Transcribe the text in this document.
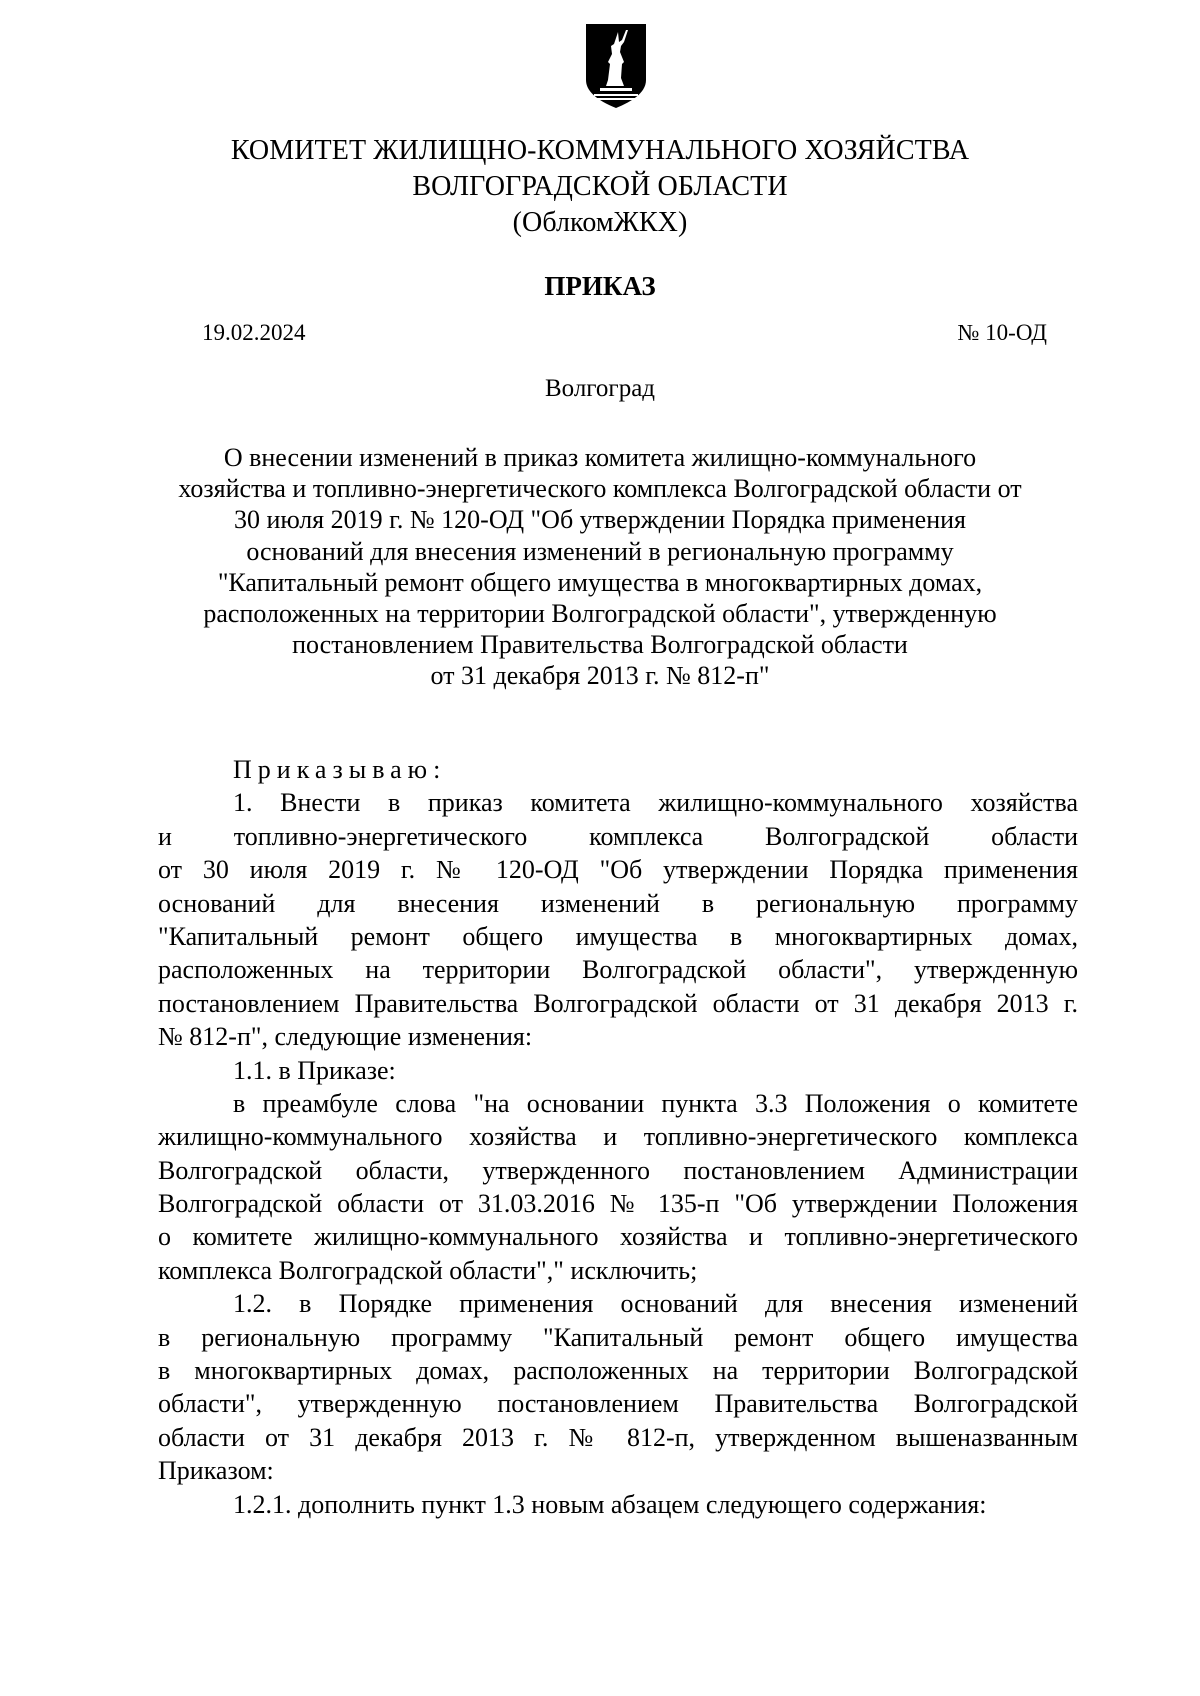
КОМИТЕТ ЖИЛИЩНО-КОММУНАЛЬНОГО ХОЗЯЙСТВА
ВОЛГОГРАДСКОЙ ОБЛАСТИ
(ОблкомЖКХ)
ПРИКАЗ
19.02.2024	№ 10-ОД
Волгоград
О внесении изменений в приказ комитета жилищно-коммунального
хозяйства и топливно-энергетического комплекса Волгоградской области от
30 июля 2019 г. № 120-ОД "Об утверждении Порядка применения
оснований для внесения изменений в региональную программу
"Капитальный ремонт общего имущества в многоквартирных домах,
расположенных на территории Волгоградской области", утвержденную
постановлением Правительства Волгоградской области
от 31 декабря 2013 г. № 812-п"
Приказываю:
1. Внести в приказ комитета жилищно-коммунального хозяйства
и топливно-энергетического комплекса Волгоградской области
от 30 июля 2019 г. № 120-ОД "Об утверждении Порядка применения
оснований для внесения изменений в региональную программу
"Капитальный ремонт общего имущества в многоквартирных домах,
расположенных на территории Волгоградской области", утвержденную
постановлением Правительства Волгоградской области от 31 декабря 2013 г.
№ 812-п", следующие изменения:
1.1. в Приказе:
в преамбуле слова "на основании пункта 3.3 Положения о комитете
жилищно-коммунального хозяйства и топливно-энергетического комплекса
Волгоградской области, утвержденного постановлением Администрации
Волгоградской области от 31.03.2016 № 135-п "Об утверждении Положения
о комитете жилищно-коммунального хозяйства и топливно-энергетического
комплекса Волгоградской области"," исключить;
1.2. в Порядке применения оснований для внесения изменений
в региональную программу "Капитальный ремонт общего имущества
в многоквартирных домах, расположенных на территории Волгоградской
области", утвержденную постановлением Правительства Волгоградской
области от 31 декабря 2013 г. № 812-п, утвержденном вышеназванным
Приказом:
1.2.1. дополнить пункт 1.3 новым абзацем следующего содержания:
